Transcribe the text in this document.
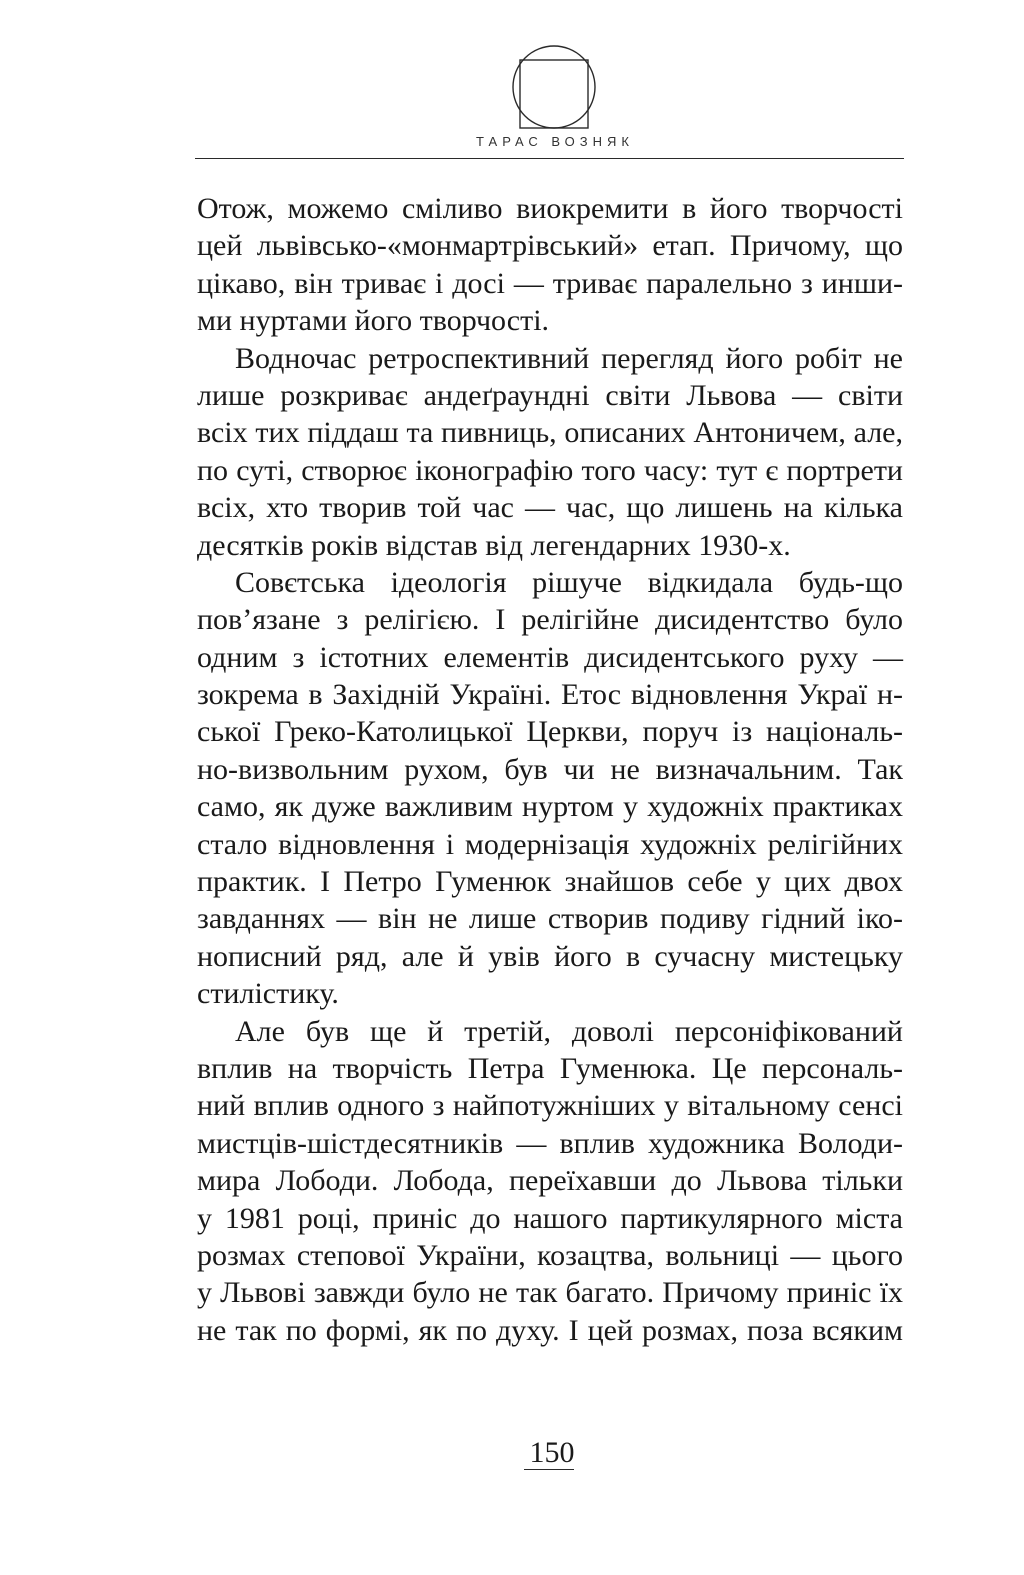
ТАРАС ВОЗНЯК

Отож, можемо сміливо виокремити в його творчості
цей львівсько-«монмартрівський» етап. Причому, що
цікаво, він триває і досі — триває паралельно з инши-
ми нуртами його творчості.

Водночас ретроспективний перегляд його робіт не
лише розкриває андеґраундні світи Львова — світи
всіх тих піддаш та пивниць, описаних Антоничем, але,
по суті, створює іконографію того часу: тут є портрети
всіх, хто творив той час — час, що лишень на кілька
десятків років відстав від легендарних 1930-х.

Совєтська ідеологія рішуче відкидала будь-що
пов’язане з релігією. І релігійне дисидентство було
одним з істотних елементів дисидентського руху —
зокрема в Західній Україні. Етос відновлення Украї н-
ської Греко-Католицької Церкви, поруч із національ-
но-визвольним рухом, був чи не визначальним. Так
само, як дуже важливим нуртом у художніх практиках
стало відновлення і модернізація художніх релігійних
практик. І Петро Гуменюк знайшов себе у цих двох
завданнях — він не лише створив подиву гідний іко-
нописний ряд, але й увів його в сучасну мистецьку
стилістику.

Але був ще й третій, доволі персоніфікований
вплив на творчість Петра Гуменюка. Це персональ-
ний вплив одного з найпотужніших у вітальному сенсі
мистців-шістдесятників — вплив художника Володи-
мира Лободи. Лобода, переїхавши до Львова тільки
у 1981 році, приніс до нашого партикулярного міста
розмах степової України, козацтва, вольниці — цього
у Львові завжди було не так багато. Причому приніс їх
не так по формі, як по духу. І цей розмах, поза всяким

150
